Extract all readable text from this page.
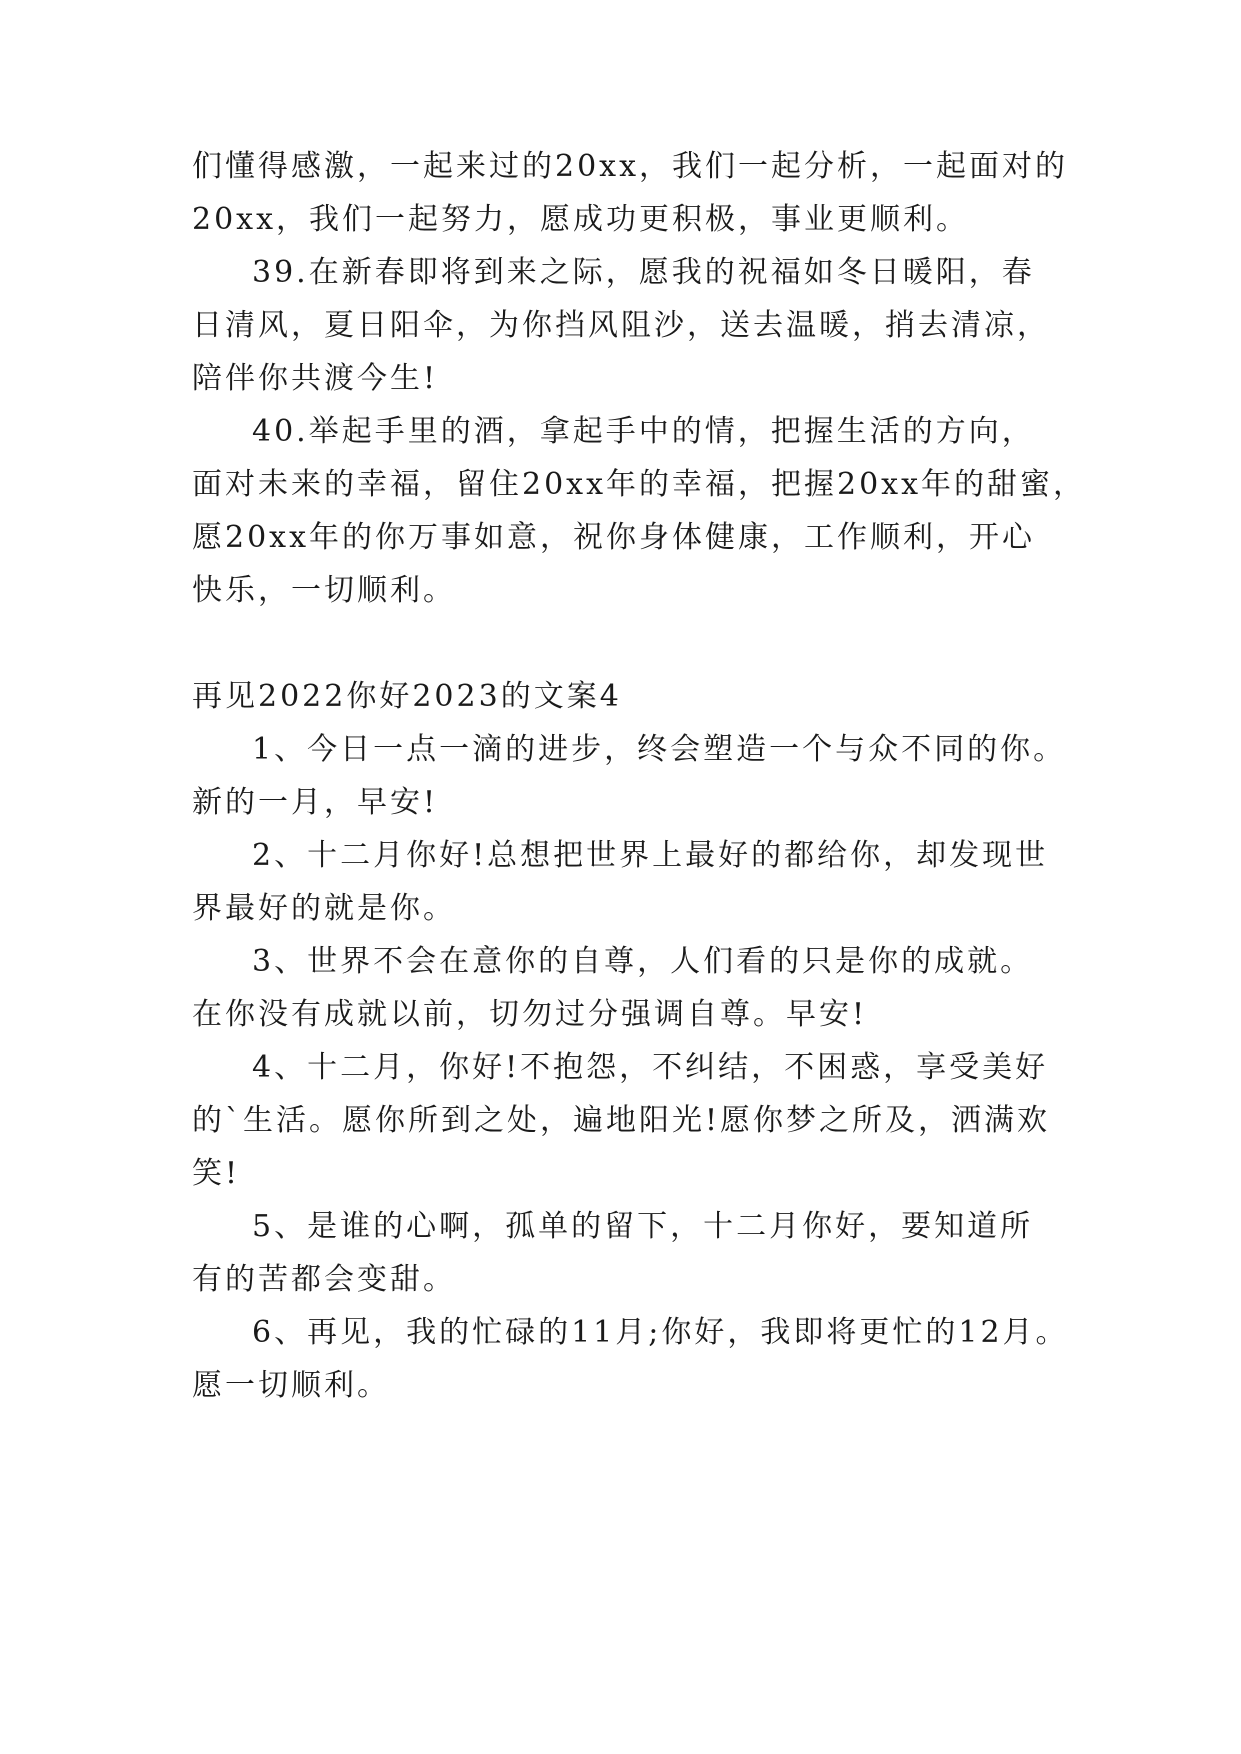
们懂得感激，一起来过的20xx，我们一起分析，一起面对的
20xx，我们一起努力，愿成功更积极，事业更顺利。
39.在新春即将到来之际，愿我的祝福如冬日暖阳，春
日清风，夏日阳伞，为你挡风阻沙，送去温暖，捎去清凉，
陪伴你共渡今生!
40.举起手里的酒，拿起手中的情，把握生活的方向，
面对未来的幸福，留住20xx年的幸福，把握20xx年的甜蜜，
愿20xx年的你万事如意，祝你身体健康，工作顺利，开心
快乐，一切顺利。
再见2022你好2023的文案4
1、今日一点一滴的进步，终会塑造一个与众不同的你。
新的一月，早安!
2、十二月你好!总想把世界上最好的都给你，却发现世
界最好的就是你。
3、世界不会在意你的自尊，人们看的只是你的成就。
在你没有成就以前，切勿过分强调自尊。早安!
4、十二月，你好!不抱怨，不纠结，不困惑，享受美好
的`生活。愿你所到之处，遍地阳光!愿你梦之所及，洒满欢
笑!
5、是谁的心啊，孤单的留下，十二月你好，要知道所
有的苦都会变甜。
6、再见，我的忙碌的11月;你好，我即将更忙的12月。
愿一切顺利。
